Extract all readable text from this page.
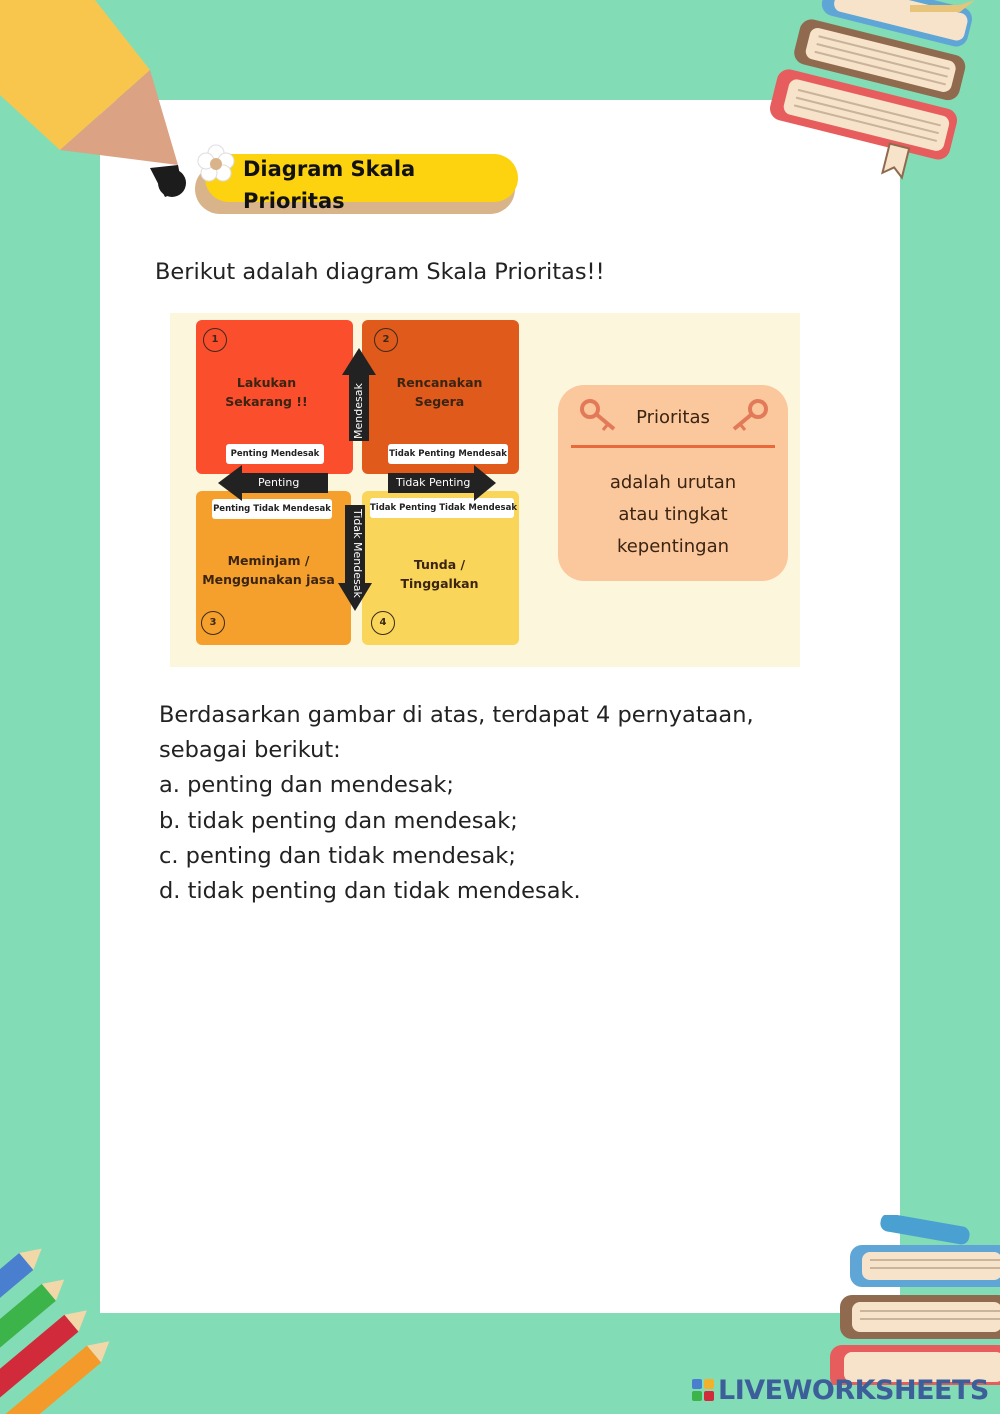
Diagram Skala
Prioritas
Berikut adalah diagram Skala Prioritas!!
1	2
3	4
Lakukan
Sekarang !!
Rencanakan
Segera
Meminjam /
Menggunakan jasa
Tunda /
Tinggalkan
Penting Mendesak	Tidak Penting Mendesak
Penting Tidak Mendesak	Tidak Penting Tidak Mendesak
Mendesak
Tidak Mendesak
Penting	Tidak Penting
Prioritas
adalah urutan
atau tingkat
kepentingan
Berdasarkan gambar di atas, terdapat 4 pernyataan,
sebagai berikut:
a. penting dan mendesak;
b. tidak penting dan mendesak;
c. penting dan tidak mendesak;
d. tidak penting dan tidak mendesak.
LIVEWORKSHEETS
